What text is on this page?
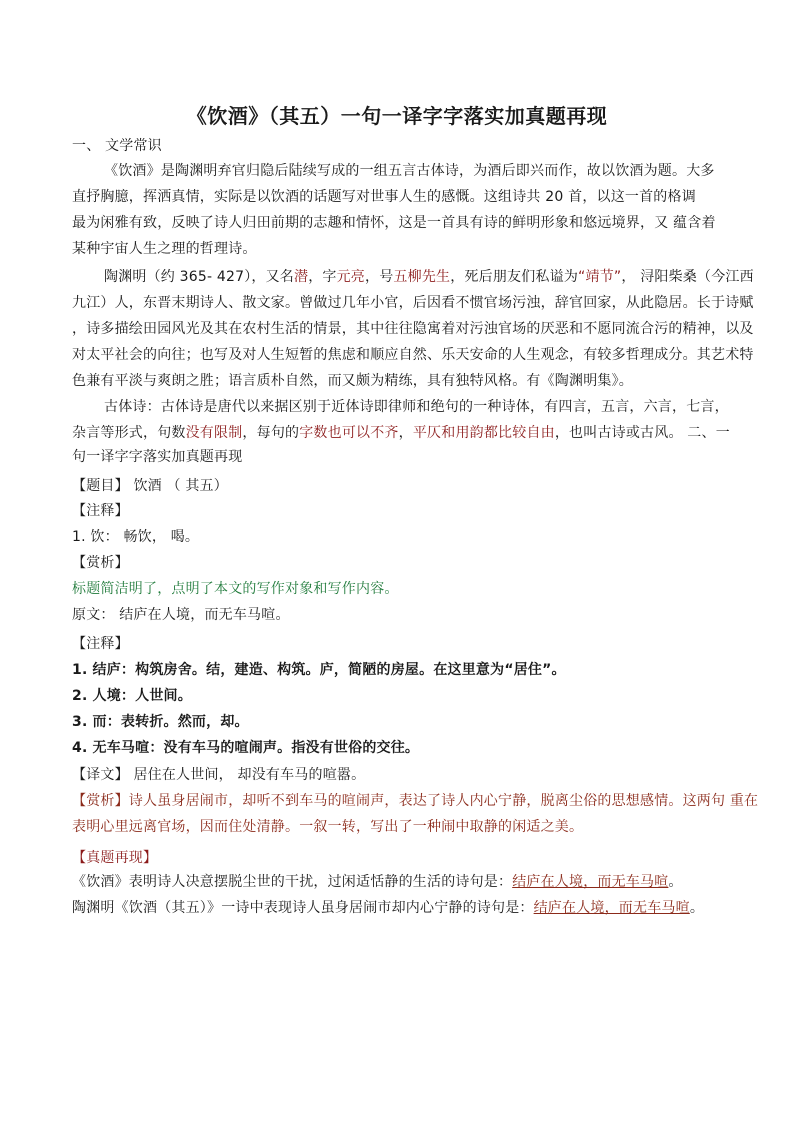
《饮酒》（其五）一句一译字字落实加真题再现
一、 文学常识
《饮酒》是陶渊明弃官归隐后陆续写成的一组五言古体诗，为酒后即兴而作，故以饮酒为题。大多
直抒胸臆，挥洒真情，实际是以饮酒的话题写对世事人生的感慨。这组诗共 20 首，以这一首的格调
最为闲雅有致，反映了诗人归田前期的志趣和情怀，这是一首具有诗的鲜明形象和悠远境界，又 蕴含着
某种宇宙人生之理的哲理诗。
陶渊明（约 365- 427），又名潜，字元亮，号五柳先生，死后朋友们私谥为“靖节”， 浔阳柴桑（今江西
九江）人，东晋末期诗人、散文家。曾做过几年小官，后因看不惯官场污浊，辞官回家，从此隐居。长于诗赋
，诗多描绘田园风光及其在农村生活的情景，其中往往隐寓着对污浊官场的厌恶和不愿同流合污的精神，以及
对太平社会的向往；也写及对人生短暂的焦虑和顺应自然、乐天安命的人生观念，有较多哲理成分。其艺术特
色兼有平淡与爽朗之胜；语言质朴自然，而又颇为精练，具有独特风格。有《陶渊明集》。
古体诗：古体诗是唐代以来据区别于近体诗即律师和绝句的一种诗体，有四言，五言，六言，七言，
杂言等形式，句数没有限制，每句的字数也可以不齐，平仄和用韵都比较自由，也叫古诗或古风。 二、一
句一译字字落实加真题再现
【题目】 饮酒 （ 其五）
【注释】
1. 饮： 畅饮， 喝。
【赏析】
标题简洁明了，点明了本文的写作对象和写作内容。
原文： 结庐在人境，而无车马喧。
【注释】
1. 结庐：构筑房舍。结，建造、构筑。庐，简陋的房屋。在这里意为“居住”。
2. 人境：人世间。
3. 而：表转折。然而，却。
4. 无车马喧：没有车马的喧闹声。指没有世俗的交往。
【译文】 居住在人世间， 却没有车马的喧嚣。
【赏析】诗人虽身居闹市，却听不到车马的喧闹声，表达了诗人内心宁静，脱离尘俗的思想感情。这两句 重在
表明心里远离官场，因而住处清静。一叙一转，写出了一种闹中取静的闲适之美。
【真题再现】
《饮酒》表明诗人决意摆脱尘世的干扰，过闲适恬静的生活的诗句是：结庐在人境，而无车马喧。
陶渊明《饮酒（其五）》一诗中表现诗人虽身居闹市却内心宁静的诗句是：结庐在人境，而无车马喧。
